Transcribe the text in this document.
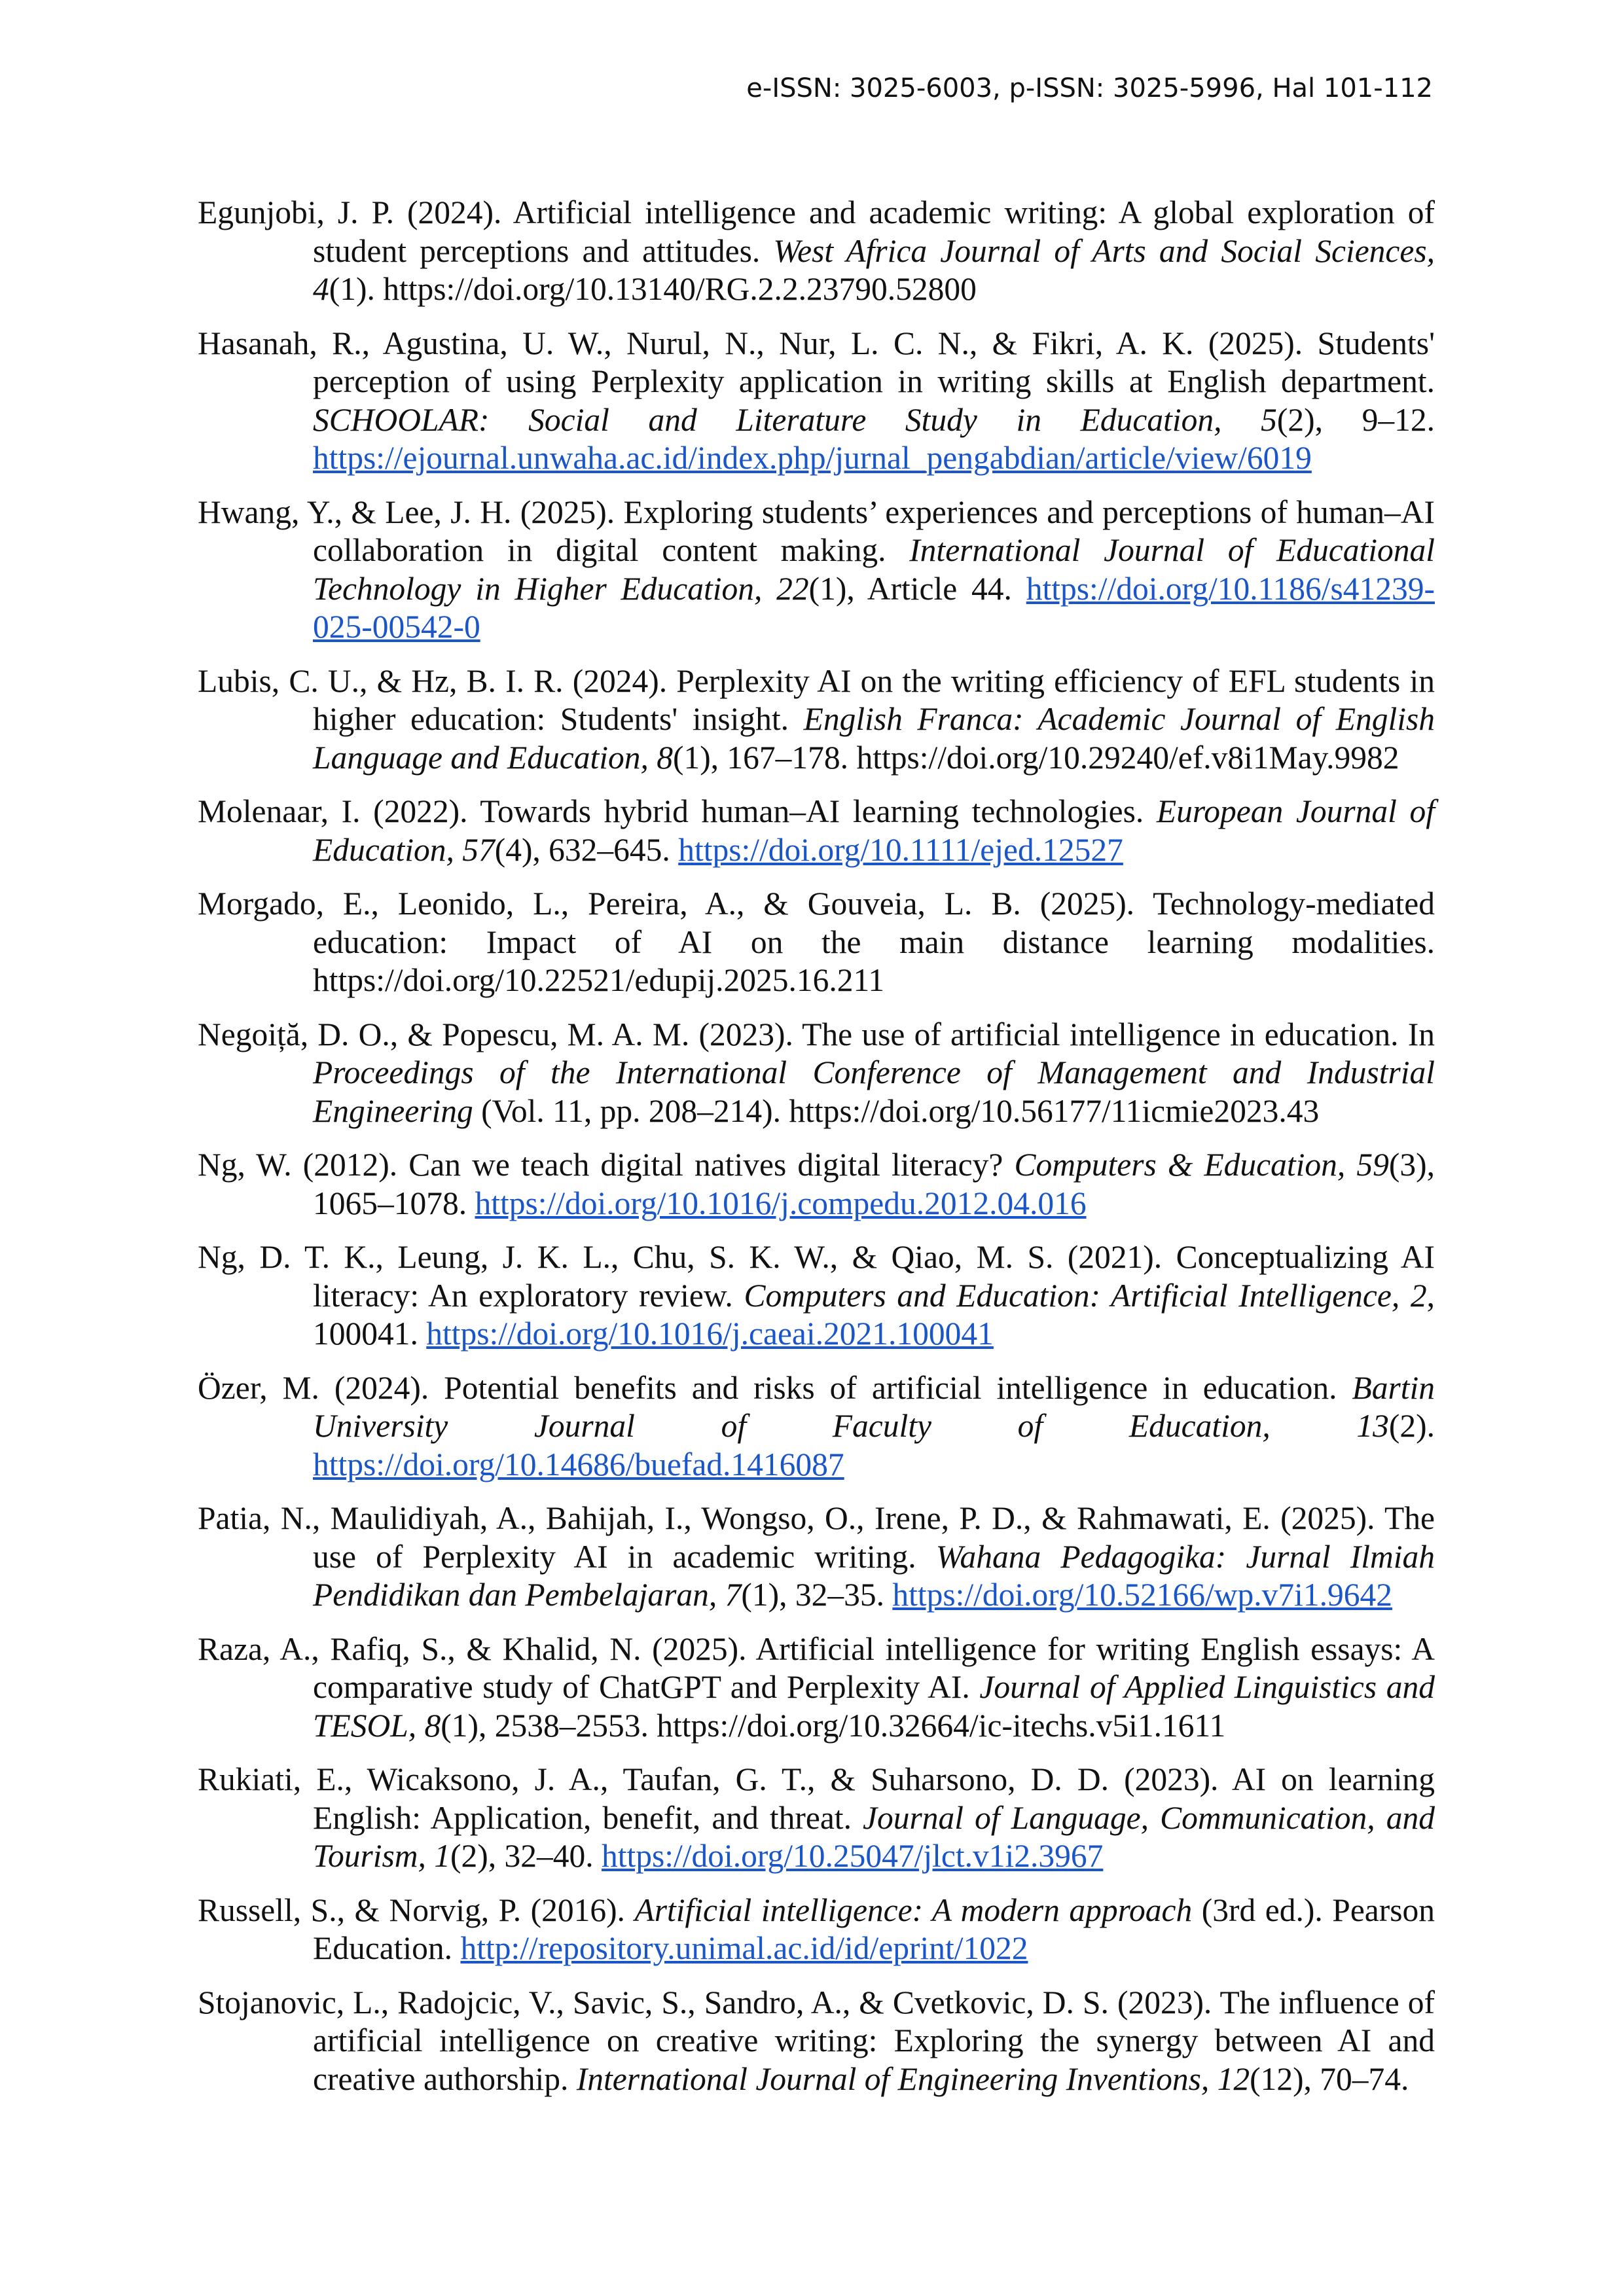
e-ISSN: 3025-6003, p-ISSN: 3025-5996, Hal 101-112

Egunjobi, J. P. (2024). Artificial intelligence and academic writing: A global exploration of student perceptions and attitudes. West Africa Journal of Arts and Social Sciences, 4(1). https://doi.org/10.13140/RG.2.2.23790.52800

Hasanah, R., Agustina, U. W., Nurul, N., Nur, L. C. N., & Fikri, A. K. (2025). Students' perception of using Perplexity application in writing skills at English department. SCHOOLAR: Social and Literature Study in Education, 5(2), 9–12. https://ejournal.unwaha.ac.id/index.php/jurnal_pengabdian/article/view/6019

Hwang, Y., & Lee, J. H. (2025). Exploring students’ experiences and perceptions of human–AI collaboration in digital content making. International Journal of Educational Technology in Higher Education, 22(1), Article 44. https://doi.org/10.1186/s41239-025-00542-0

Lubis, C. U., & Hz, B. I. R. (2024). Perplexity AI on the writing efficiency of EFL students in higher education: Students' insight. English Franca: Academic Journal of English Language and Education, 8(1), 167–178. https://doi.org/10.29240/ef.v8i1May.9982

Molenaar, I. (2022). Towards hybrid human–AI learning technologies. European Journal of Education, 57(4), 632–645. https://doi.org/10.1111/ejed.12527

Morgado, E., Leonido, L., Pereira, A., & Gouveia, L. B. (2025). Technology-mediated education: Impact of AI on the main distance learning modalities. https://doi.org/10.22521/edupij.2025.16.211

Negoiță, D. O., & Popescu, M. A. M. (2023). The use of artificial intelligence in education. In Proceedings of the International Conference of Management and Industrial Engineering (Vol. 11, pp. 208–214). https://doi.org/10.56177/11icmie2023.43

Ng, W. (2012). Can we teach digital natives digital literacy? Computers & Education, 59(3), 1065–1078. https://doi.org/10.1016/j.compedu.2012.04.016

Ng, D. T. K., Leung, J. K. L., Chu, S. K. W., & Qiao, M. S. (2021). Conceptualizing AI literacy: An exploratory review. Computers and Education: Artificial Intelligence, 2, 100041. https://doi.org/10.1016/j.caeai.2021.100041

Özer, M. (2024). Potential benefits and risks of artificial intelligence in education. Bartin University Journal of Faculty of Education, 13(2). https://doi.org/10.14686/buefad.1416087

Patia, N., Maulidiyah, A., Bahijah, I., Wongso, O., Irene, P. D., & Rahmawati, E. (2025). The use of Perplexity AI in academic writing. Wahana Pedagogika: Jurnal Ilmiah Pendidikan dan Pembelajaran, 7(1), 32–35. https://doi.org/10.52166/wp.v7i1.9642

Raza, A., Rafiq, S., & Khalid, N. (2025). Artificial intelligence for writing English essays: A comparative study of ChatGPT and Perplexity AI. Journal of Applied Linguistics and TESOL, 8(1), 2538–2553. https://doi.org/10.32664/ic-itechs.v5i1.1611

Rukiati, E., Wicaksono, J. A., Taufan, G. T., & Suharsono, D. D. (2023). AI on learning English: Application, benefit, and threat. Journal of Language, Communication, and Tourism, 1(2), 32–40. https://doi.org/10.25047/jlct.v1i2.3967

Russell, S., & Norvig, P. (2016). Artificial intelligence: A modern approach (3rd ed.). Pearson Education. http://repository.unimal.ac.id/id/eprint/1022

Stojanovic, L., Radojcic, V., Savic, S., Sandro, A., & Cvetkovic, D. S. (2023). The influence of artificial intelligence on creative writing: Exploring the synergy between AI and creative authorship. International Journal of Engineering Inventions, 12(12), 70–74.
